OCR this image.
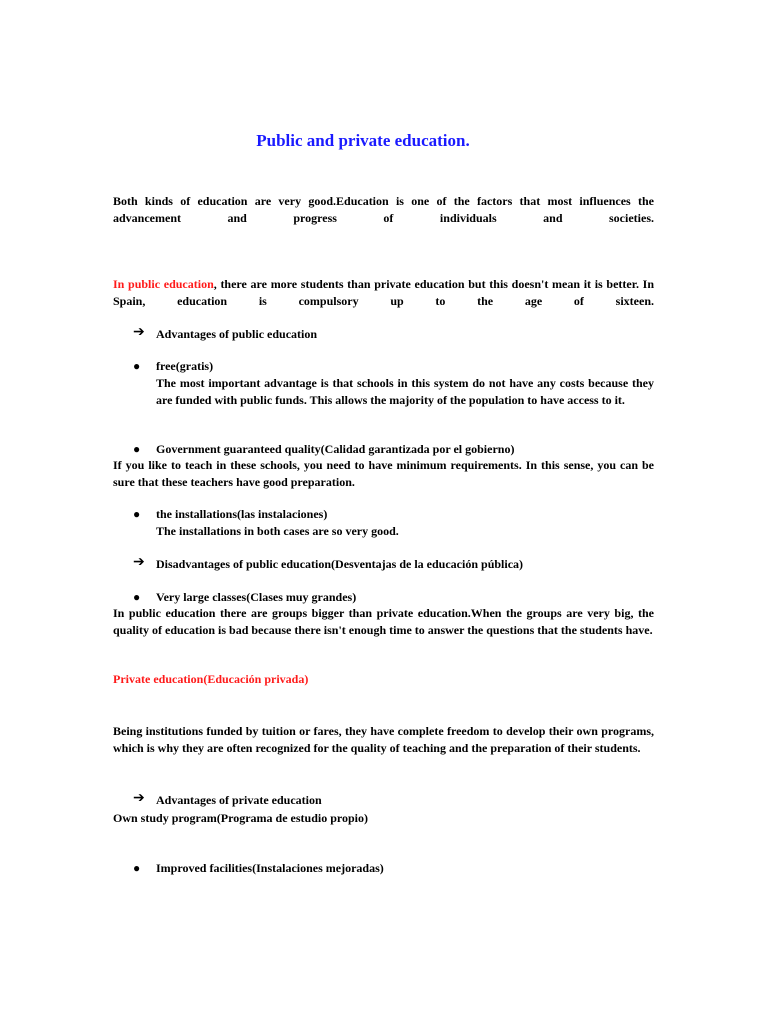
Public and private education.

Both kinds of education are very good.Education is one of the factors that most influences the advancement and progress of individuals and societies.

In public education, there are more students than private education but this doesn't mean it is better. In Spain, education is compulsory up to the age of sixteen.

➔ Advantages of public education

●	free(gratis)

The most important advantage is that schools in this system do not have any costs because they are funded with public funds. This allows the majority of the population to have access to it.

●	Government guaranteed quality(Calidad garantizada por el gobierno)

If you like to teach in these schools, you need to have minimum requirements. In this sense, you can be sure that these teachers have good preparation.

●	the installations(las instalaciones)

The installations in both cases are so very good.

➔ Disadvantages of public education(Desventajas de la educación pública)

●	Very large classes(Clases muy grandes)

In public education there are groups bigger than private education.When the groups are very big, the quality of education is bad because there isn't enough time to answer the questions that the students have.

Private education(Educación privada)

Being institutions funded by tuition or fares, they have complete freedom to develop their own programs, which is why they are often recognized for the quality of teaching and the preparation of their students.

➔ Advantages of private education

Own study program(Programa de estudio propio)

●	Improved facilities(Instalaciones mejoradas)
